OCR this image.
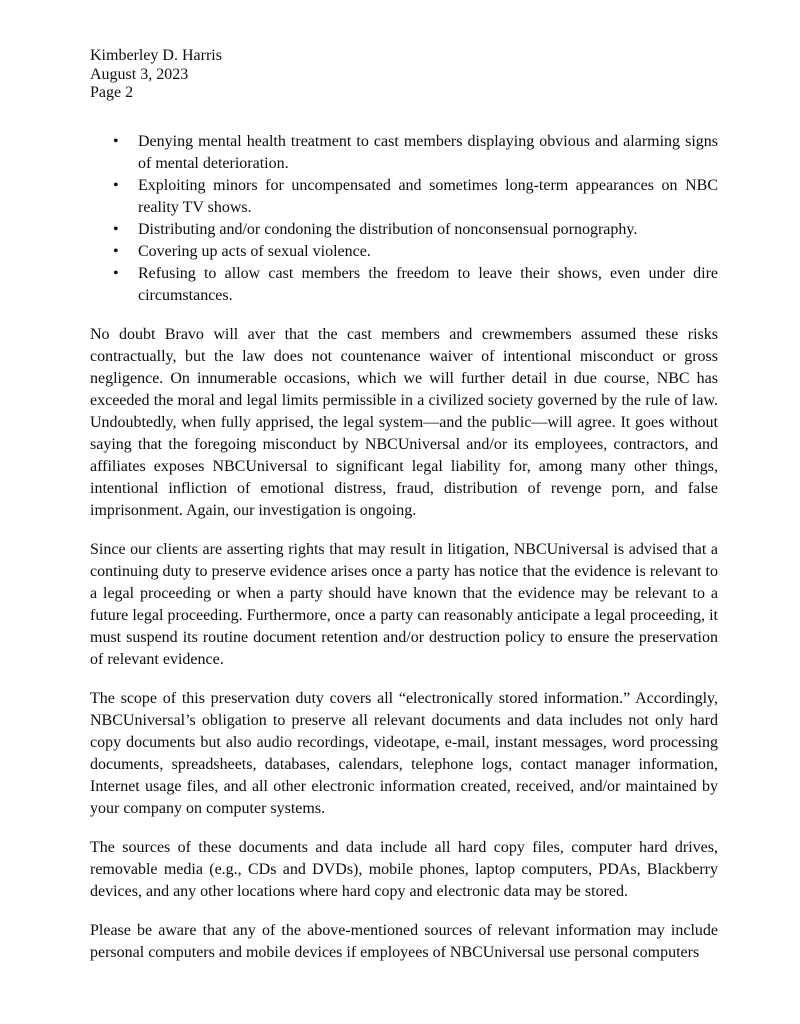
Kimberley D. Harris
August 3, 2023
Page 2
• Denying mental health treatment to cast members displaying obvious and alarming signs of mental deterioration.
• Exploiting minors for uncompensated and sometimes long-term appearances on NBC reality TV shows.
• Distributing and/or condoning the distribution of nonconsensual pornography.
• Covering up acts of sexual violence.
• Refusing to allow cast members the freedom to leave their shows, even under dire circumstances.

No doubt Bravo will aver that the cast members and crewmembers assumed these risks contractually, but the law does not countenance waiver of intentional misconduct or gross negligence. On innumerable occasions, which we will further detail in due course, NBC has exceeded the moral and legal limits permissible in a civilized society governed by the rule of law. Undoubtedly, when fully apprised, the legal system—and the public—will agree. It goes without saying that the foregoing misconduct by NBCUniversal and/or its employees, contractors, and affiliates exposes NBCUniversal to significant legal liability for, among many other things, intentional infliction of emotional distress, fraud, distribution of revenge porn, and false imprisonment. Again, our investigation is ongoing.

Since our clients are asserting rights that may result in litigation, NBCUniversal is advised that a continuing duty to preserve evidence arises once a party has notice that the evidence is relevant to a legal proceeding or when a party should have known that the evidence may be relevant to a future legal proceeding. Furthermore, once a party can reasonably anticipate a legal proceeding, it must suspend its routine document retention and/or destruction policy to ensure the preservation of relevant evidence.

The scope of this preservation duty covers all “electronically stored information.” Accordingly, NBCUniversal’s obligation to preserve all relevant documents and data includes not only hard copy documents but also audio recordings, videotape, e-mail, instant messages, word processing documents, spreadsheets, databases, calendars, telephone logs, contact manager information, Internet usage files, and all other electronic information created, received, and/or maintained by your company on computer systems.

The sources of these documents and data include all hard copy files, computer hard drives, removable media (e.g., CDs and DVDs), mobile phones, laptop computers, PDAs, Blackberry devices, and any other locations where hard copy and electronic data may be stored.

Please be aware that any of the above-mentioned sources of relevant information may include personal computers and mobile devices if employees of NBCUniversal use personal computers
